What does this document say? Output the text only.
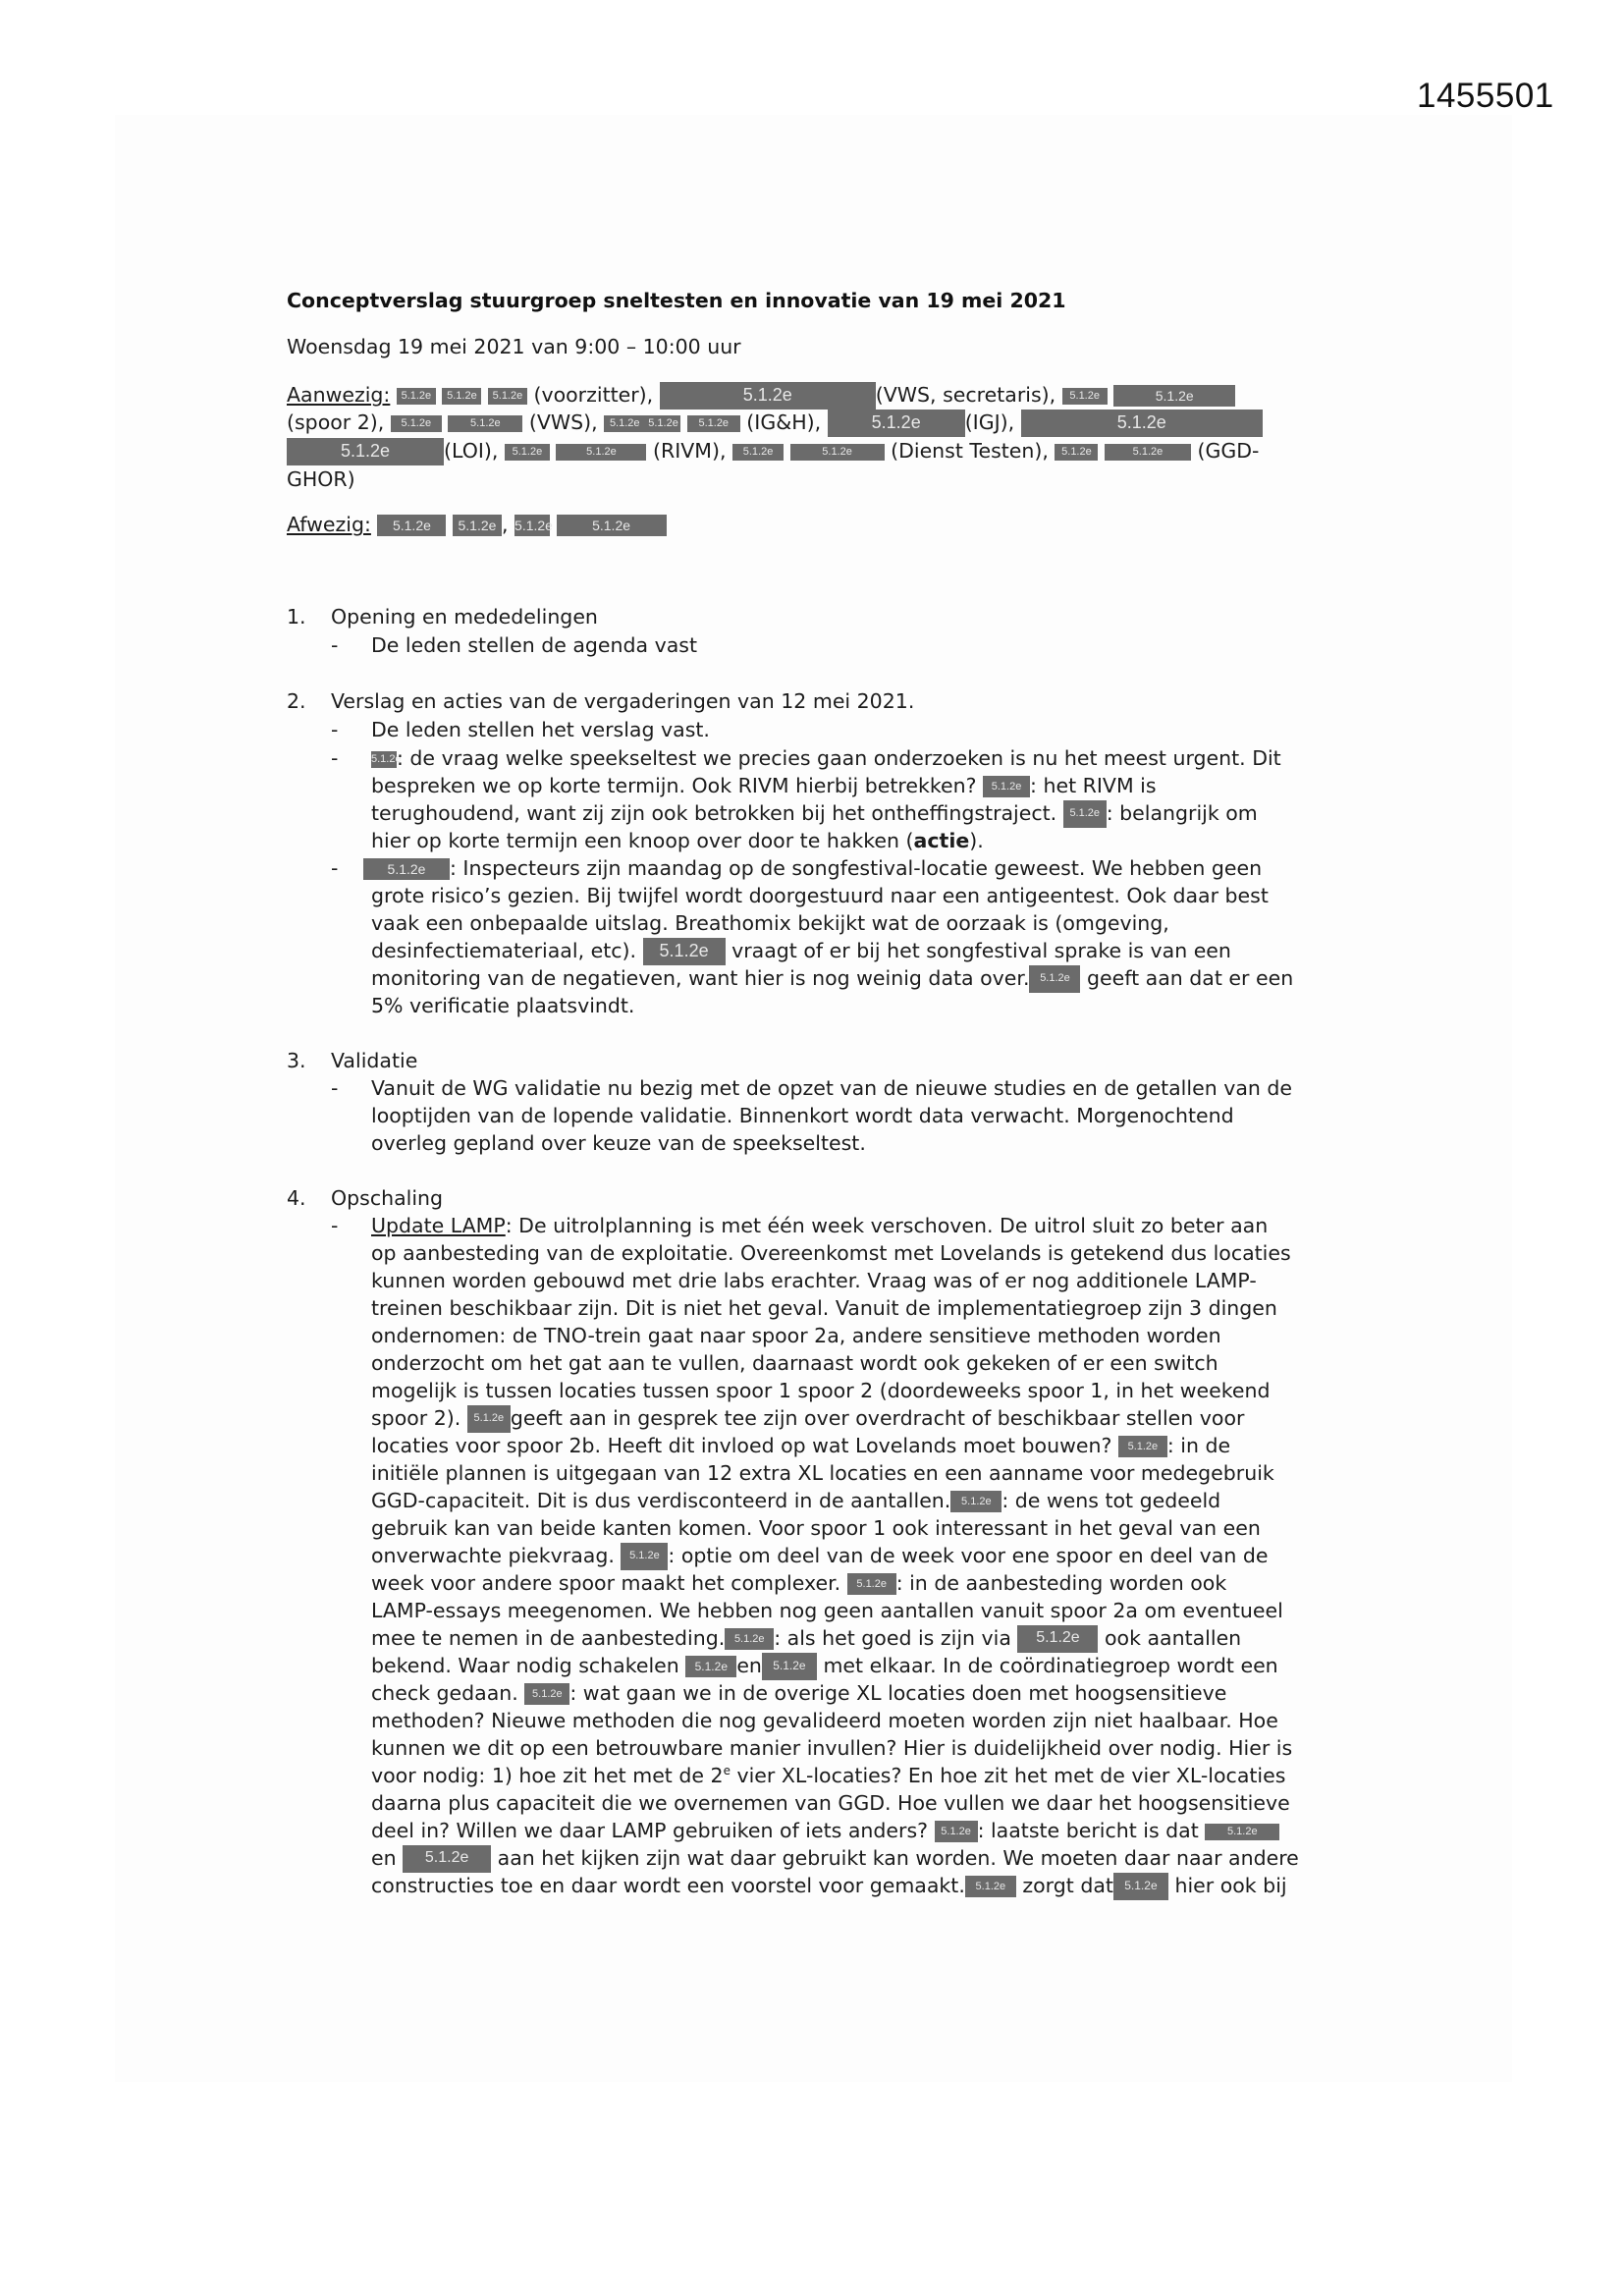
1455501
Conceptverslag stuurgroep sneltesten en innovatie van 19 mei 2021
Woensdag 19 mei 2021 van 9:00 – 10:00 uur
Aanwezig: 5.1.2e 5.1.2e 5.1.2e (voorzitter),	5.1.2e	(VWS, secretaris), 5.1.2e	5.1.2e
(spoor 2), 5.1.2e	5.1.2e (VWS), 5.1.2e 5.1.2e 5.1.2e (IG&H),	5.1.2e (IGJ),	5.1.2e
5.1.2e	(LOI), 5.1.2e	5.1.2e (RIVM), 5.1.2e	5.1.2e (Dienst Testen), 5.1.2e	5.1.2e (GGD-
GHOR)
Afwezig: 5.1.2e 5.1.2e , 5.1.2e	5.1.2e
1. Opening en mededelingen
- De leden stellen de agenda vast
2. Verslag en acties van de vergaderingen van 12 mei 2021.
- De leden stellen het verslag vast.
-	5.1.2e: de vraag welke speekseltest we precies gaan onderzoeken is nu het meest urgent. Dit
bespreken we op korte termijn. Ook RIVM hierbij betrekken? 5.1.2e : het RIVM is
terughoudend, want zij zijn ook betrokken bij het ontheffingstraject. 5.1.2e : belangrijk om
hier op korte termijn een knoop over door te hakken (actie).
-	5.1.2e : Inspecteurs zijn maandag op de songfestival-locatie geweest. We hebben geen
grote risico’s gezien. Bij twijfel wordt doorgestuurd naar een antigeentest. Ook daar best
vaak een onbepaalde uitslag. Breathomix bekijkt wat de oorzaak is (omgeving,
desinfectiemateriaal, etc). 5.1.2e vraagt of er bij het songfestival sprake is van een
monitoring van de negatieven, want hier is nog weinig data over. 5.1.2e geeft aan dat er een
5% verificatie plaatsvindt.
3. Validatie
- Vanuit de WG validatie nu bezig met de opzet van de nieuwe studies en de getallen van de
looptijden van de lopende validatie. Binnenkort wordt data verwacht. Morgenochtend
overleg gepland over keuze van de speekseltest.
4. Opschaling
- Update LAMP: De uitrolplanning is met één week verschoven. De uitrol sluit zo beter aan
op aanbesteding van de exploitatie. Overeenkomst met Lovelands is getekend dus locaties
kunnen worden gebouwd met drie labs erachter. Vraag was of er nog additionele LAMP-
treinen beschikbaar zijn. Dit is niet het geval. Vanuit de implementatiegroep zijn 3 dingen
ondernomen: de TNO-trein gaat naar spoor 2a, andere sensitieve methoden worden
onderzocht om het gat aan te vullen, daarnaast wordt ook gekeken of er een switch
mogelijk is tussen locaties tussen spoor 1 spoor 2 (doordeweeks spoor 1, in het weekend
spoor 2). 5.1.2e geeft aan in gesprek tee zijn over overdracht of beschikbaar stellen voor
locaties voor spoor 2b. Heeft dit invloed op wat Lovelands moet bouwen? 5.1.2e : in de
initiële plannen is uitgegaan van 12 extra XL locaties en een aanname voor medegebruik
GGD-capaciteit. Dit is dus verdisconteerd in de aantallen. 5.1.2e : de wens tot gedeeld
gebruik kan van beide kanten komen. Voor spoor 1 ook interessant in het geval van een
onverwachte piekvraag. 5.1.2e : optie om deel van de week voor ene spoor en deel van de
week voor andere spoor maakt het complexer. 5.1.2e : in de aanbesteding worden ook
LAMP-essays meegenomen. We hebben nog geen aantallen vanuit spoor 2a om eventueel
mee te nemen in de aanbesteding. 5.1.2e : als het goed is zijn via 5.1.2e ook aantallen
bekend. Waar nodig schakelen 5.1.2e en 5.1.2e met elkaar. In de coördinatiegroep wordt een
check gedaan. 5.1.2e : wat gaan we in de overige XL locaties doen met hoogsensitieve
methoden? Nieuwe methoden die nog gevalideerd moeten worden zijn niet haalbaar. Hoe
kunnen we dit op een betrouwbare manier invullen? Hier is duidelijkheid over nodig. Hier is
voor nodig: 1) hoe zit het met de 2e vier XL-locaties? En hoe zit het met de vier XL-locaties
daarna plus capaciteit die we overnemen van GGD. Hoe vullen we daar het hoogsensitieve
deel in? Willen we daar LAMP gebruiken of iets anders? 5.1.2e : laatste bericht is dat	5.1.2e
en 5.1.2e aan het kijken zijn wat daar gebruikt kan worden. We moeten daar naar andere
constructies toe en daar wordt een voorstel voor gemaakt. 5.1.2e zorgt dat 5.1.2e hier ook bij
